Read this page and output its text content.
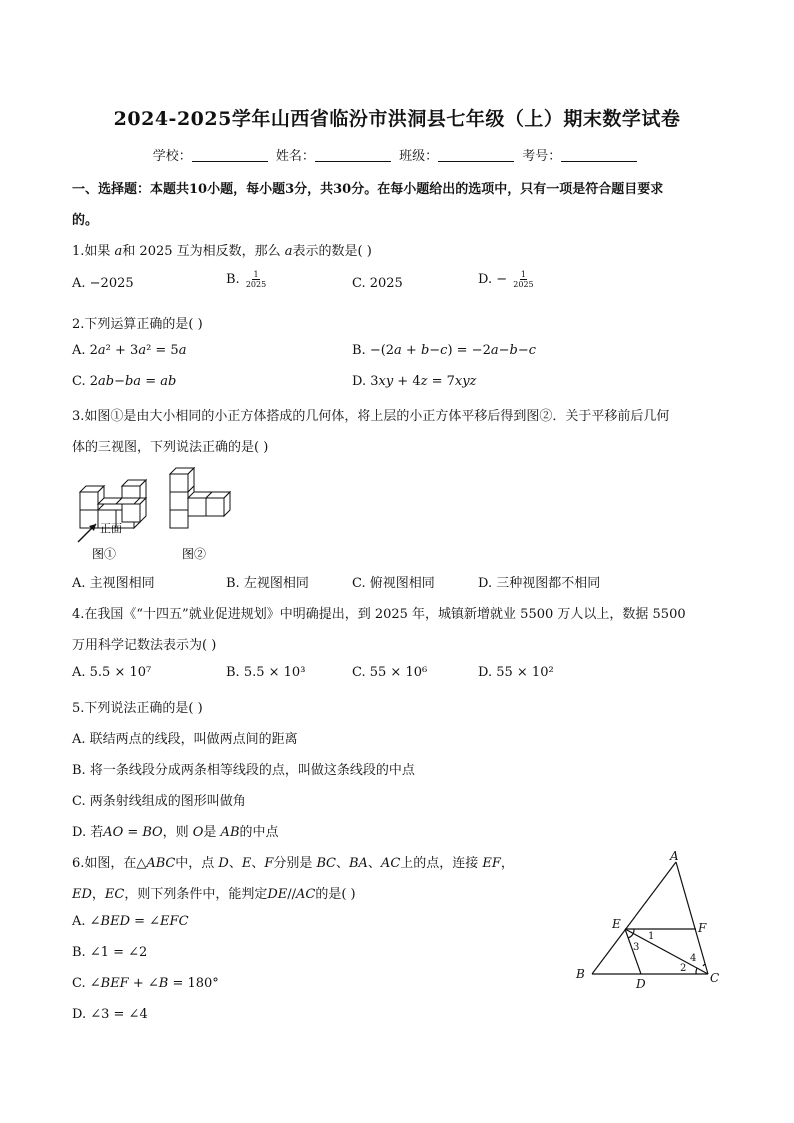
2024-2025学年山西省临汾市洪洞县七年级（上）期末数学试卷
学校：	姓名：	班级：	考号：
一、选择题：本题共10小题，每小题3分，共30分。在每小题给出的选项中，只有一项是符合题目要求
的。
1.如果 𝑎和 2025 互为相反数，那么 𝑎表示的数是( )
A. −2025	B. $\frac{1}{2025}$	C. 2025	D. − $\frac{1}{2025}$
2.下列运算正确的是( )
A. 2𝑎² + 3𝑎² = 5𝑎	B. −(2𝑎 + 𝑏−𝑐) = −2𝑎−𝑏−𝑐
C. 2𝑎𝑏−𝑏𝑎 = 𝑎𝑏	D. 3𝑥𝑦 + 4𝑧 = 7𝑥𝑦𝑧
3.如图①是由大小相同的小正方体搭成的几何体，将上层的小正方体平移后得到图②．关于平移前后几何
体的三视图，下列说法正确的是( )
正面
图①	图②
A. 主视图相同	B. 左视图相同	C. 俯视图相同	D. 三种视图都不相同
4.在我国《“十四五”就业促进规划》中明确提出，到 2025 年，城镇新增就业 5500 万人以上，数据 5500
万用科学记数法表示为( )
A. 5.5 × 10⁷	B. 5.5 × 10³	C. 55 × 10⁶	D. 55 × 10²
5.下列说法正确的是( )
A. 联结两点的线段，叫做两点间的距离
B. 将一条线段分成两条相等线段的点，叫做这条线段的中点
C. 两条射线组成的图形叫做角
D. 若𝐴𝑂 = 𝐵𝑂，则 𝑂是 𝐴𝐵的中点
6.如图，在△𝐴𝐵𝐶中，点 𝐷、𝐸、𝐹分别是 𝐵𝐶、𝐵𝐴、𝐴𝐶上的点，连接 𝐸𝐹，
𝐸𝐷，𝐸𝐶，则下列条件中，能判定𝐷𝐸//𝐴𝐶的是( )
A. ∠𝐵𝐸𝐷 = ∠𝐸𝐹𝐶
B. ∠1 = ∠2
C. ∠𝐵𝐸𝐹 + ∠𝐵 = 180°
D. ∠3 = ∠4
A
B	C
D
E	F
1
2
3
4
